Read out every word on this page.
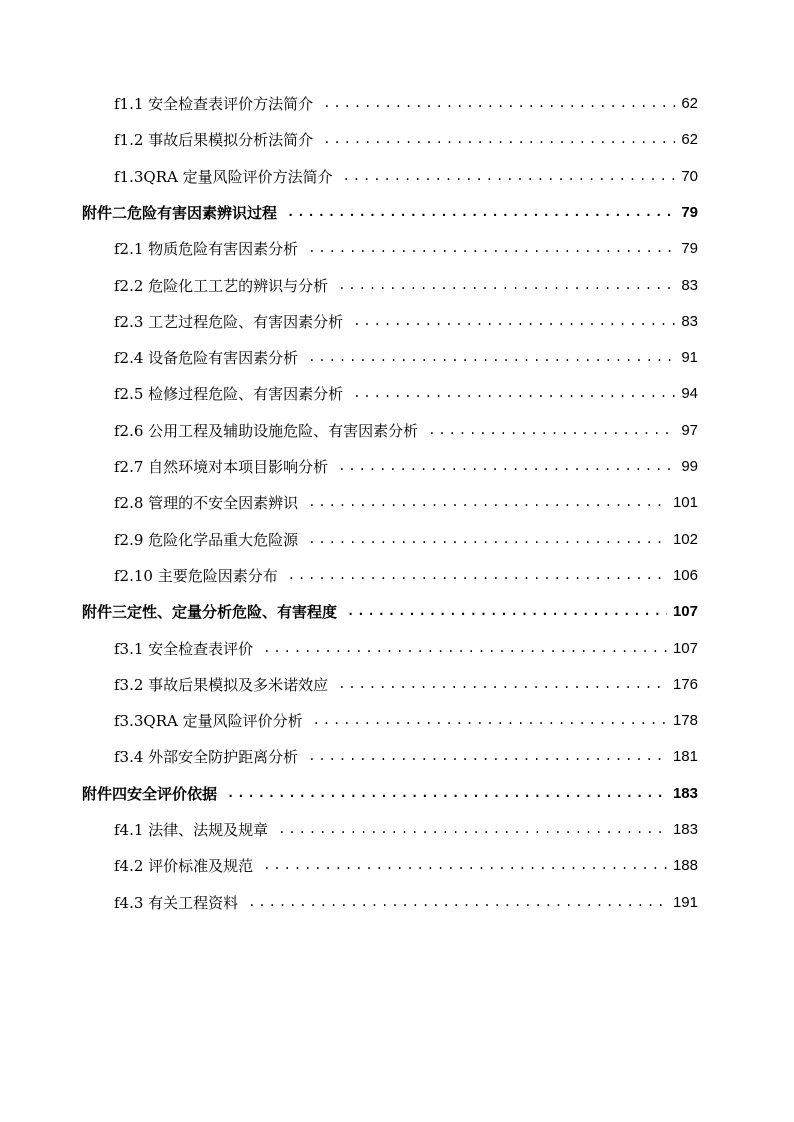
f1.1 安全检查表评价方法简介 .....	62
f1.2 事故后果模拟分析法简介 .....	62
f1.3QRA 定量风险评价方法简介 .....	70
附件二危险有害因素辨识过程 .....	79
f2.1 物质危险有害因素分析 .....	79
f2.2 危险化工工艺的辨识与分析 .....	83
f2.3 工艺过程危险、有害因素分析 .....	83
f2.4 设备危险有害因素分析 .....	91
f2.5 检修过程危险、有害因素分析 .....	94
f2.6 公用工程及辅助设施危险、有害因素分析 .....	97
f2.7 自然环境对本项目影响分析 .....	99
f2.8 管理的不安全因素辨识 .....	101
f2.9 危险化学品重大危险源 .....	102
f2.10 主要危险因素分布 .....	106
附件三定性、定量分析危险、有害程度 .....	107
f3.1 安全检查表评价 .....	107
f3.2 事故后果模拟及多米诺效应 .....	176
f3.3QRA 定量风险评价分析 .....	178
f3.4 外部安全防护距离分析 .....	181
附件四安全评价依据 .....	183
f4.1 法律、法规及规章 .....	183
f4.2 评价标准及规范 .....	188
f4.3 有关工程资料 .....	191
